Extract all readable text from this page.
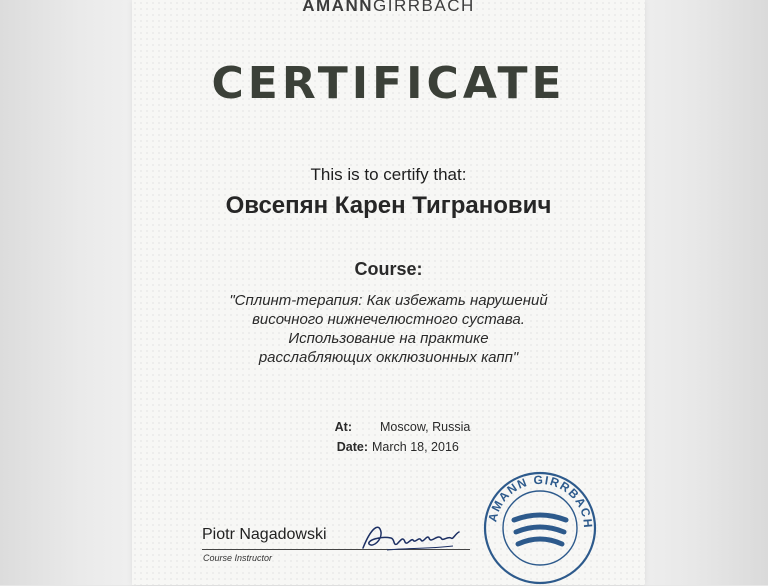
AMANNGIRRBACH
CERTIFICATE
This is to certify that:
Овсепян Карен Тигранович
Course:
"Сплинт-терапия: Как избежать нарушений
височного нижнечелюстного сустава.
Использование на практике
расслабляющих окклюзионных капп"
At: Moscow, Russia
Date: March 18, 2016
Piotr Nagadowski
Course Instructor
AMANN GIRRBACH
